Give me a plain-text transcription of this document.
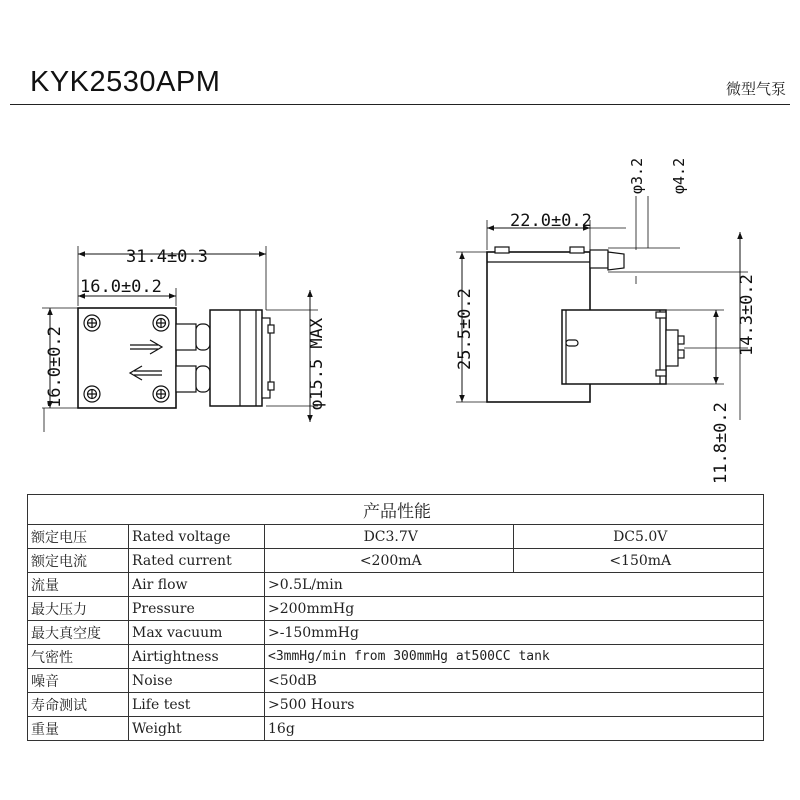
KYK2530APM	微型气泵
31.4±0.3
16.0±0.2
16.0±0.2	φ15.5 MAX
22.0±0.2
φ3.2 φ4.2
25.5±0.2	14.3±0.2
11.8±0.2
产品性能			
额定电压	Rated voltage	DC3.7V	DC5.0V
额定电流	Rated current	<200mA	<150mA
流量	Air flow	>0.5L/min	
最大压力	Pressure	>200mmHg	
最大真空度	Max vacuum	>-150mmHg	
气密性	Airtightness	<3mmHg/min from 300mmHg at500CC tank	
噪音	Noise	<50dB	
寿命测试	Life test	>500 Hours	
重量	Weight	16g	
